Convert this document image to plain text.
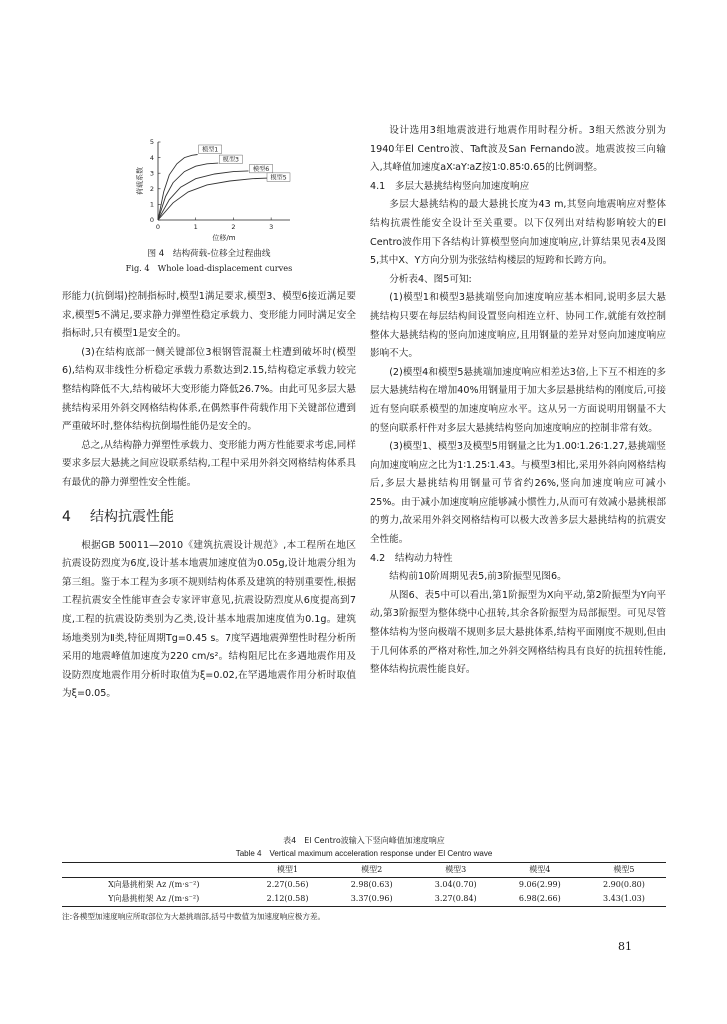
0	1	2	3
0
1
2
3
4
5
位移/m
荷载系数
模型1
模型3
模型6
模型5
图 4　结构荷载-位移全过程曲线
Fig. 4　Whole load-displacement curves

形能力(抗倒塌)控制指标时,模型1满足要求,模型3、模型6接近满足要求,模型5不满足,要求静力弹塑性稳定承载力、变形能力同时满足安全指标时,只有模型1是安全的。

(3)在结构底部一侧关键部位3根钢管混凝土柱遭到破坏时(模型6),结构双非线性分析稳定承载力系数达到2.15,结构稳定承载力较完整结构降低不大,结构破坏大变形能力降低26.7%。由此可见多层大悬挑结构采用外斜交网格结构体系,在偶然事件荷载作用下关键部位遭到严重破坏时,整体结构抗倒塌性能仍是安全的。

总之,从结构静力弹塑性承载力、变形能力两方性能要求考虑,同样要求多层大悬挑之间应设联系结构,工程中采用外斜交网格结构体系具有最优的静力弹塑性安全性能。

4 结构抗震性能

根据GB 50011—2010《建筑抗震设计规范》,本工程所在地区抗震设防烈度为6度,设计基本地震加速度值为0.05g,设计地震分组为第三组。鉴于本工程为多项不规则结构体系及建筑的特别重要性,根据工程抗震安全性能审查会专家评审意见,抗震设防烈度从6度提高到7度,工程的抗震设防类别为乙类,设计基本地震加速度值为0.1g。建筑场地类别为Ⅱ类,特征周期Tg=0.45 s。7度罕遇地震弹塑性时程分析所采用的地震峰值加速度为220 cm/s²。结构阻尼比在多遇地震作用及设防烈度地震作用分析时取值为ξ=0.02,在罕遇地震作用分析时取值为ξ=0.05。

设计选用3组地震波进行地震作用时程分析。3组天然波分别为1940年El Centro波、Taft波及San Fernando波。地震波按三向输入,其峰值加速度aX∶aY∶aZ按1∶0.85∶0.65的比例调整。

4.1　多层大悬挑结构竖向加速度响应

多层大悬挑结构的最大悬挑长度为43 m,其竖向地震响应对整体结构抗震性能安全设计至关重要。以下仅列出对结构影响较大的El Centro波作用下各结构计算模型竖向加速度响应,计算结果见表4及图5,其中X、Y方向分别为张弦结构楼层的短跨和长跨方向。

分析表4、图5可知:

(1)模型1和模型3悬挑端竖向加速度响应基本相同,说明多层大悬挑结构只要在每层结构间设置竖向相连立杆、协同工作,就能有效控制整体大悬挑结构的竖向加速度响应,且用钢量的差异对竖向加速度响应影响不大。

(2)模型4和模型5悬挑端加速度响应相差达3倍,上下互不相连的多层大悬挑结构在增加40%用钢量用于加大多层悬挑结构的刚度后,可接近有竖向联系模型的加速度响应水平。这从另一方面说明用钢量不大的竖向联系杆件对多层大悬挑结构竖向加速度响应的控制非常有效。

(3)模型1、模型3及模型5用钢量之比为1.00∶1.26∶1.27,悬挑端竖向加速度响应之比为1∶1.25∶1.43。与模型3相比,采用外斜向网格结构后,多层大悬挑结构用钢量可节省约26%,竖向加速度响应可减小25%。由于减小加速度响应能够减小惯性力,从而可有效减小悬挑根部的剪力,故采用外斜交网格结构可以极大改善多层大悬挑结构的抗震安全性能。

4.2　结构动力特性

结构前10阶周期见表5,前3阶振型见图6。

从图6、表5中可以看出,第1阶振型为X向平动,第2阶振型为Y向平动,第3阶振型为整体绕中心扭转,其余各阶振型为局部振型。可见尽管整体结构为竖向极端不规则多层大悬挑体系,结构平面刚度不规则,但由于几何体系的严格对称性,加之外斜交网格结构具有良好的抗扭转性能,整体结构抗震性能良好。

表4　El Centro波输入下竖向峰值加速度响应
Table 4　Vertical maximum acceleration response under El Centro wave
	模型1	模型2	模型3	模型4	模型5
X向悬挑桁架 Az /(m·s⁻²)	2.27(0.56)	2.98(0.63)	3.04(0.70)	9.06(2.99)	2.90(0.80)
Y向悬挑桁架 Az /(m·s⁻²)	2.12(0.58)	3.37(0.96)	3.27(0.84)	6.98(2.66)	3.43(1.03)
注:各模型加速度响应所取部位为大悬挑端部,括号中数值为加速度响应极方差。
81
